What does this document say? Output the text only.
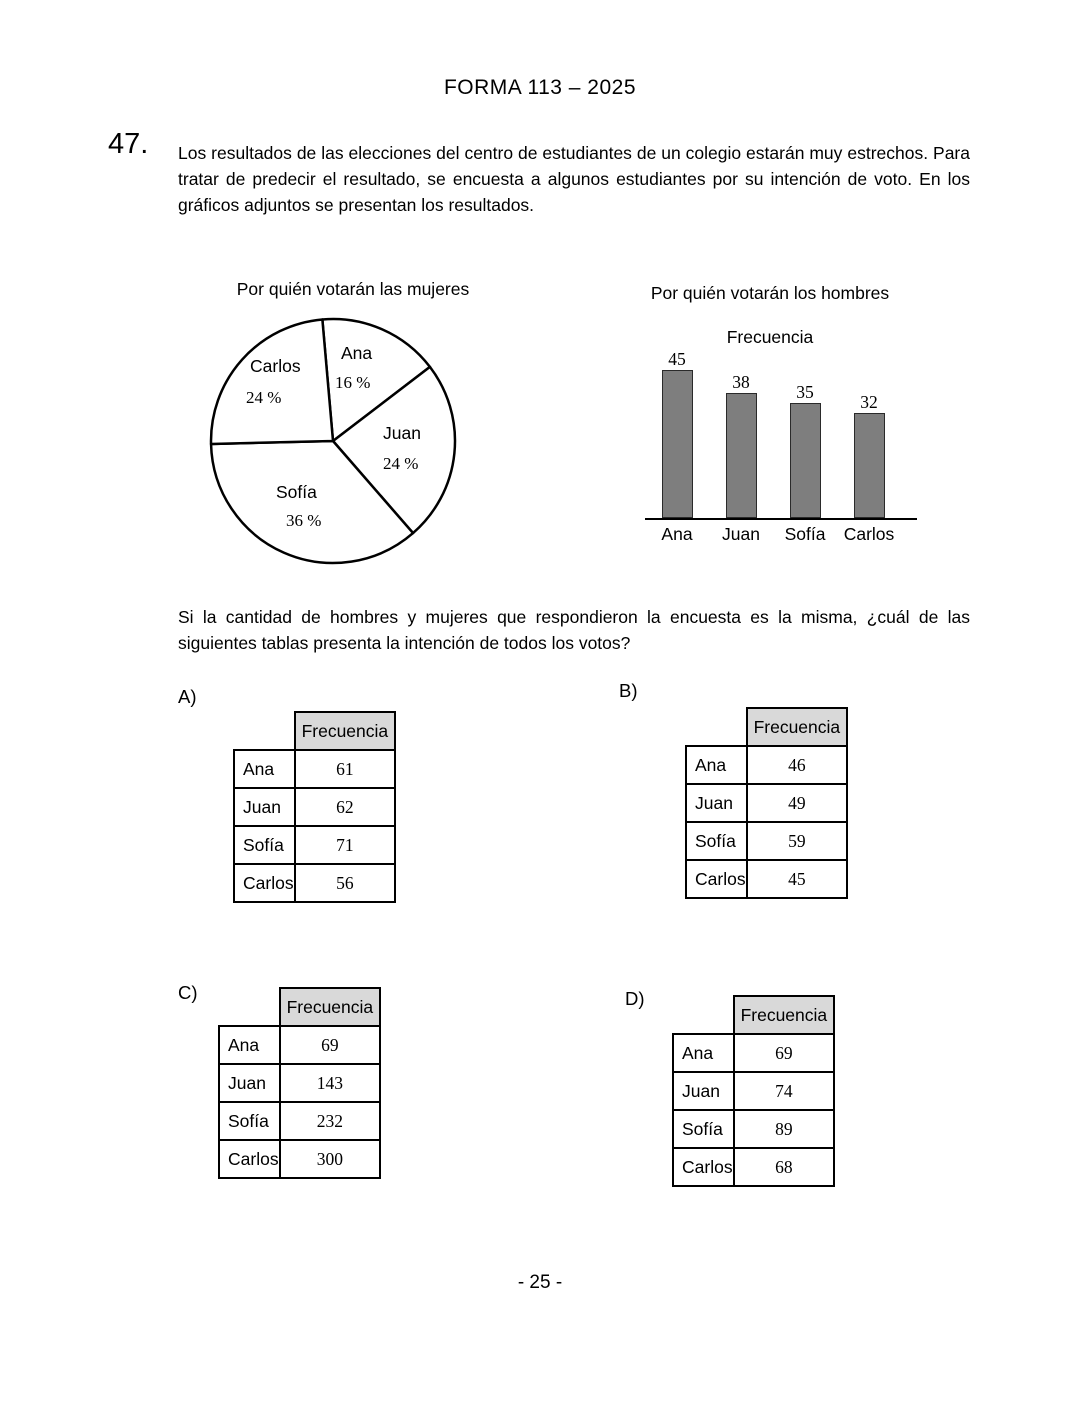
FORMA 113 – 2025
47. Los resultados de las elecciones del centro de estudiantes de un colegio estarán muy estrechos. Para tratar de predecir el resultado, se encuesta a algunos estudiantes por su intención de voto. En los gráficos adjuntos se presentan los resultados.
Por quién votarán las mujeres
Ana
16 %
Juan
24 %
Sofía
36 %
Carlos
24 %
Por quién votarán los hombres
Frecuencia
45
38	35	32
Ana	Juan Sofía Carlos
Si la cantidad de hombres y mujeres que respondieron la encuesta es la misma, ¿cuál de las siguientes tablas presenta la intención de todos los votos?
A)
	Frecuencia
Ana	61
Juan	62
Sofía	71
Carlos	56
B)
	Frecuencia
Ana	46
Juan	49
Sofía	59
Carlos	45
C)
	Frecuencia
Ana	69
Juan	143
Sofía	232
Carlos	300
D)
	Frecuencia
Ana	69
Juan	74
Sofía	89
Carlos	68
- 25 -
